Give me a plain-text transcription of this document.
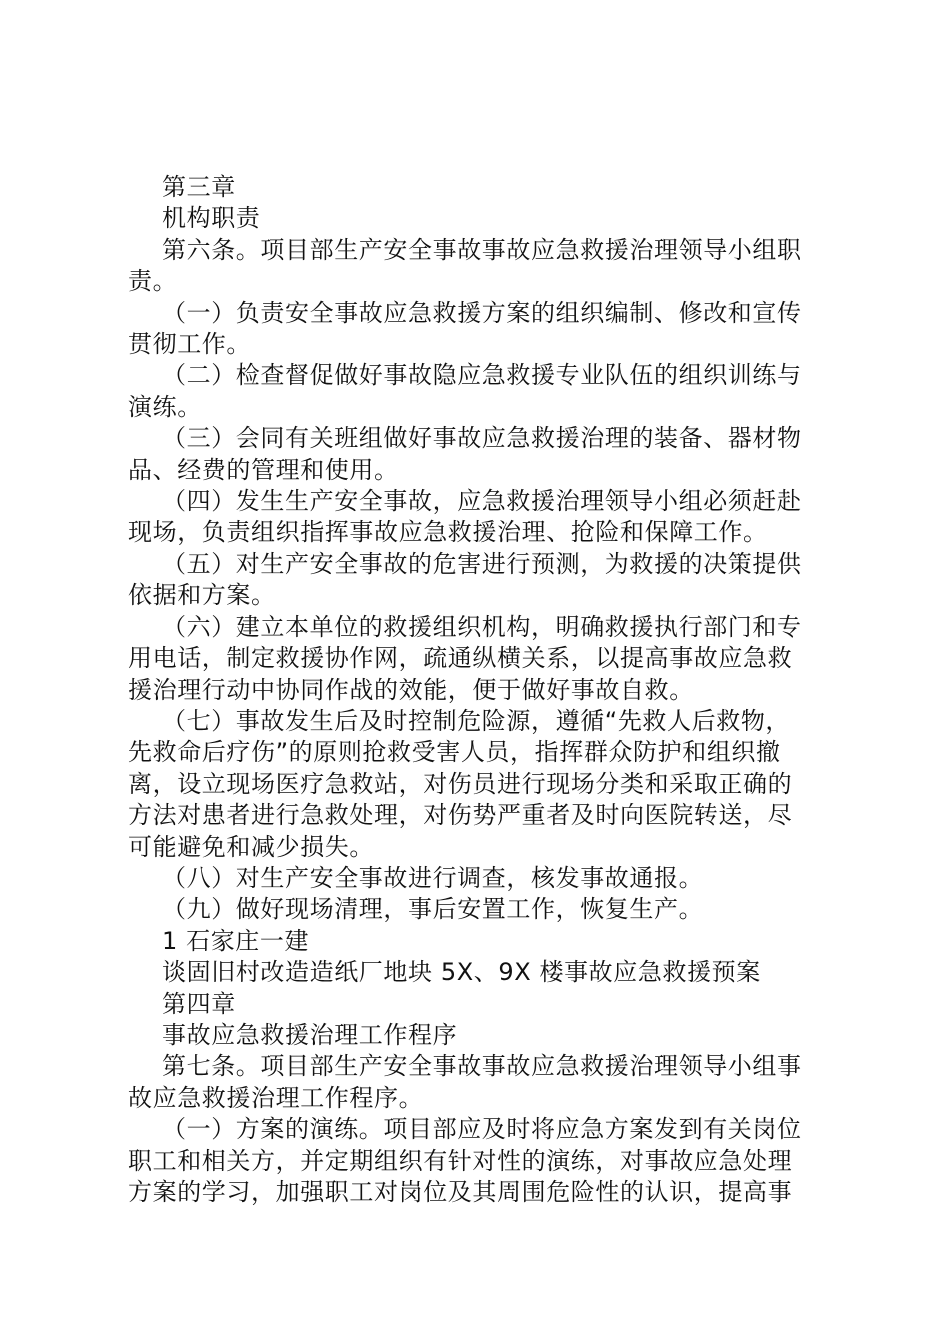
第三章

机构职责

第六条。项目部生产安全事故事故应急救援治理领导小组职

责。

（一）负责安全事故应急救援方案的组织编制、修改和宣传

贯彻工作。

（二）检查督促做好事故隐应急救援专业队伍的组织训练与

演练。

（三）会同有关班组做好事故应急救援治理的装备、器材物

品、经费的管理和使用。

（四）发生生产安全事故，应急救援治理领导小组必须赶赴

现场，负责组织指挥事故应急救援治理、抢险和保障工作。

（五）对生产安全事故的危害进行预测，为救援的决策提供

依据和方案。

（六）建立本单位的救援组织机构，明确救援执行部门和专

用电话，制定救援协作网，疏通纵横关系，以提高事故应急救

援治理行动中协同作战的效能，便于做好事故自救。

（七）事故发生后及时控制危险源，遵循“先救人后救物，

先救命后疗伤”的原则抢救受害人员，指挥群众防护和组织撤

离，设立现场医疗急救站，对伤员进行现场分类和采取正确的

方法对患者进行急救处理，对伤势严重者及时向医院转送，尽

可能避免和减少损失。

（八）对生产安全事故进行调查，核发事故通报。

（九）做好现场清理，事后安置工作，恢复生产。

1 石家庄一建

谈固旧村改造造纸厂地块 5X、9X 楼事故应急救援预案

第四章

事故应急救援治理工作程序

第七条。项目部生产安全事故事故应急救援治理领导小组事

故应急救援治理工作程序。

（一）方案的演练。项目部应及时将应急方案发到有关岗位

职工和相关方，并定期组织有针对性的演练，对事故应急处理

方案的学习，加强职工对岗位及其周围危险性的认识，提高事
